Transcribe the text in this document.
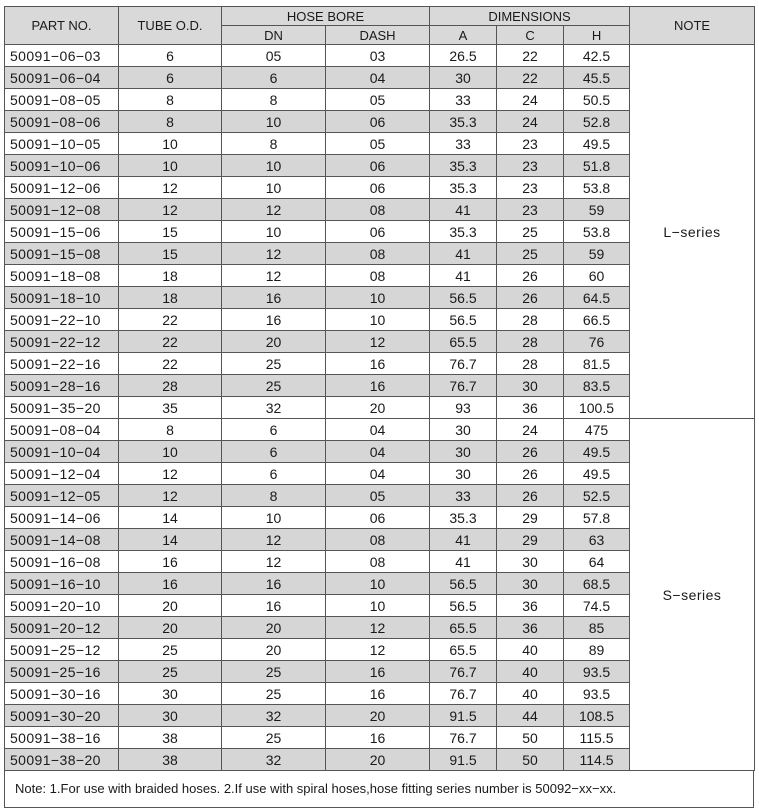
PART NO.	TUBE O.D.	HOSE BORE		DIMENSIONS			NOTE
		DN	DASH	A	C	H	
50091−06−03	6	05	03	26.5	22	42.5	L−series
50091−06−04	6	6	04	30	22	45.5	
50091−08−05	8	8	05	33	24	50.5	
50091−08−06	8	10	06	35.3	24	52.8	
50091−10−05	10	8	05	33	23	49.5	
50091−10−06	10	10	06	35.3	23	51.8	
50091−12−06	12	10	06	35.3	23	53.8	
50091−12−08	12	12	08	41	23	59	
50091−15−06	15	10	06	35.3	25	53.8	
50091−15−08	15	12	08	41	25	59	
50091−18−08	18	12	08	41	26	60	
50091−18−10	18	16	10	56.5	26	64.5	
50091−22−10	22	16	10	56.5	28	66.5	
50091−22−12	22	20	12	65.5	28	76	
50091−22−16	22	25	16	76.7	28	81.5	
50091−28−16	28	25	16	76.7	30	83.5	
50091−35−20	35	32	20	93	36	100.5	
50091−08−04	8	6	04	30	24	475	S−series
50091−10−04	10	6	04	30	26	49.5	
50091−12−04	12	6	04	30	26	49.5	
50091−12−05	12	8	05	33	26	52.5	
50091−14−06	14	10	06	35.3	29	57.8	
50091−14−08	14	12	08	41	29	63	
50091−16−08	16	12	08	41	30	64	
50091−16−10	16	16	10	56.5	30	68.5	
50091−20−10	20	16	10	56.5	36	74.5	
50091−20−12	20	20	12	65.5	36	85	
50091−25−12	25	20	12	65.5	40	89	
50091−25−16	25	25	16	76.7	40	93.5	
50091−30−16	30	25	16	76.7	40	93.5	
50091−30−20	30	32	20	91.5	44	108.5	
50091−38−16	38	25	16	76.7	50	115.5	
50091−38−20	38	32	20	91.5	50	114.5	
Note: 1.For use with braided hoses. 2.If use with spiral hoses,hose fitting series number is 50092−xx−xx.
